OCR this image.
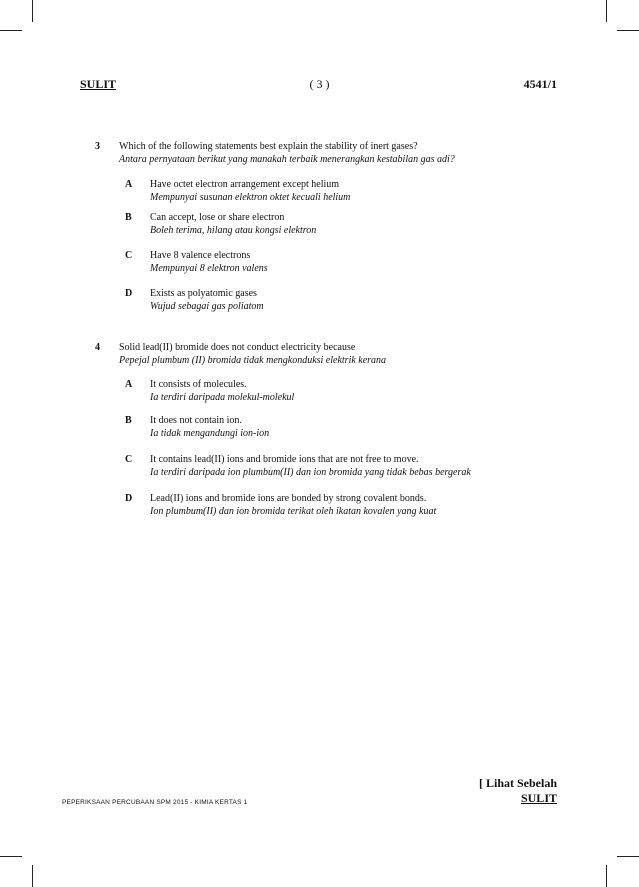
SULIT	( 3 )	4541/1
3 Which of the following statements best explain the stability of inert gases?
Antara pernyataan berikut yang manakah terbaik menerangkan kestabilan gas adi?
A Have octet electron arrangement except helium
Mempunyai susunan elektron oktet kecuali helium
B Can accept, lose or share electron
Boleh terima, hilang atau kongsi elektron
C Have 8 valence electrons
Mempunyai 8 elektron valens
D Exists as polyatomic gases
Wujud sebagai gas poliatom
4 Solid lead(II) bromide does not conduct electricity because
Pepejal plumbum (II) bromida tidak mengkonduksi elektrik kerana
A It consists of molecules.
Ia terdiri daripada molekul-molekul
B It does not contain ion.
Ia tidak mengandungi ion-ion
C It contains lead(II) ions and bromide ions that are not free to move.
Ia terdiri daripada ion plumbum(II) dan ion bromida yang tidak bebas bergerak
D Lead(II) ions and bromide ions are bonded by strong covalent bonds.
Ion plumbum(II) dan ion bromida terikat oleh ikatan kovalen yang kuat
[ Lihat Sebelah
SULIT
PEPERIKSAAN PERCUBAAN SPM 2015 - KIMIA KERTAS 1
